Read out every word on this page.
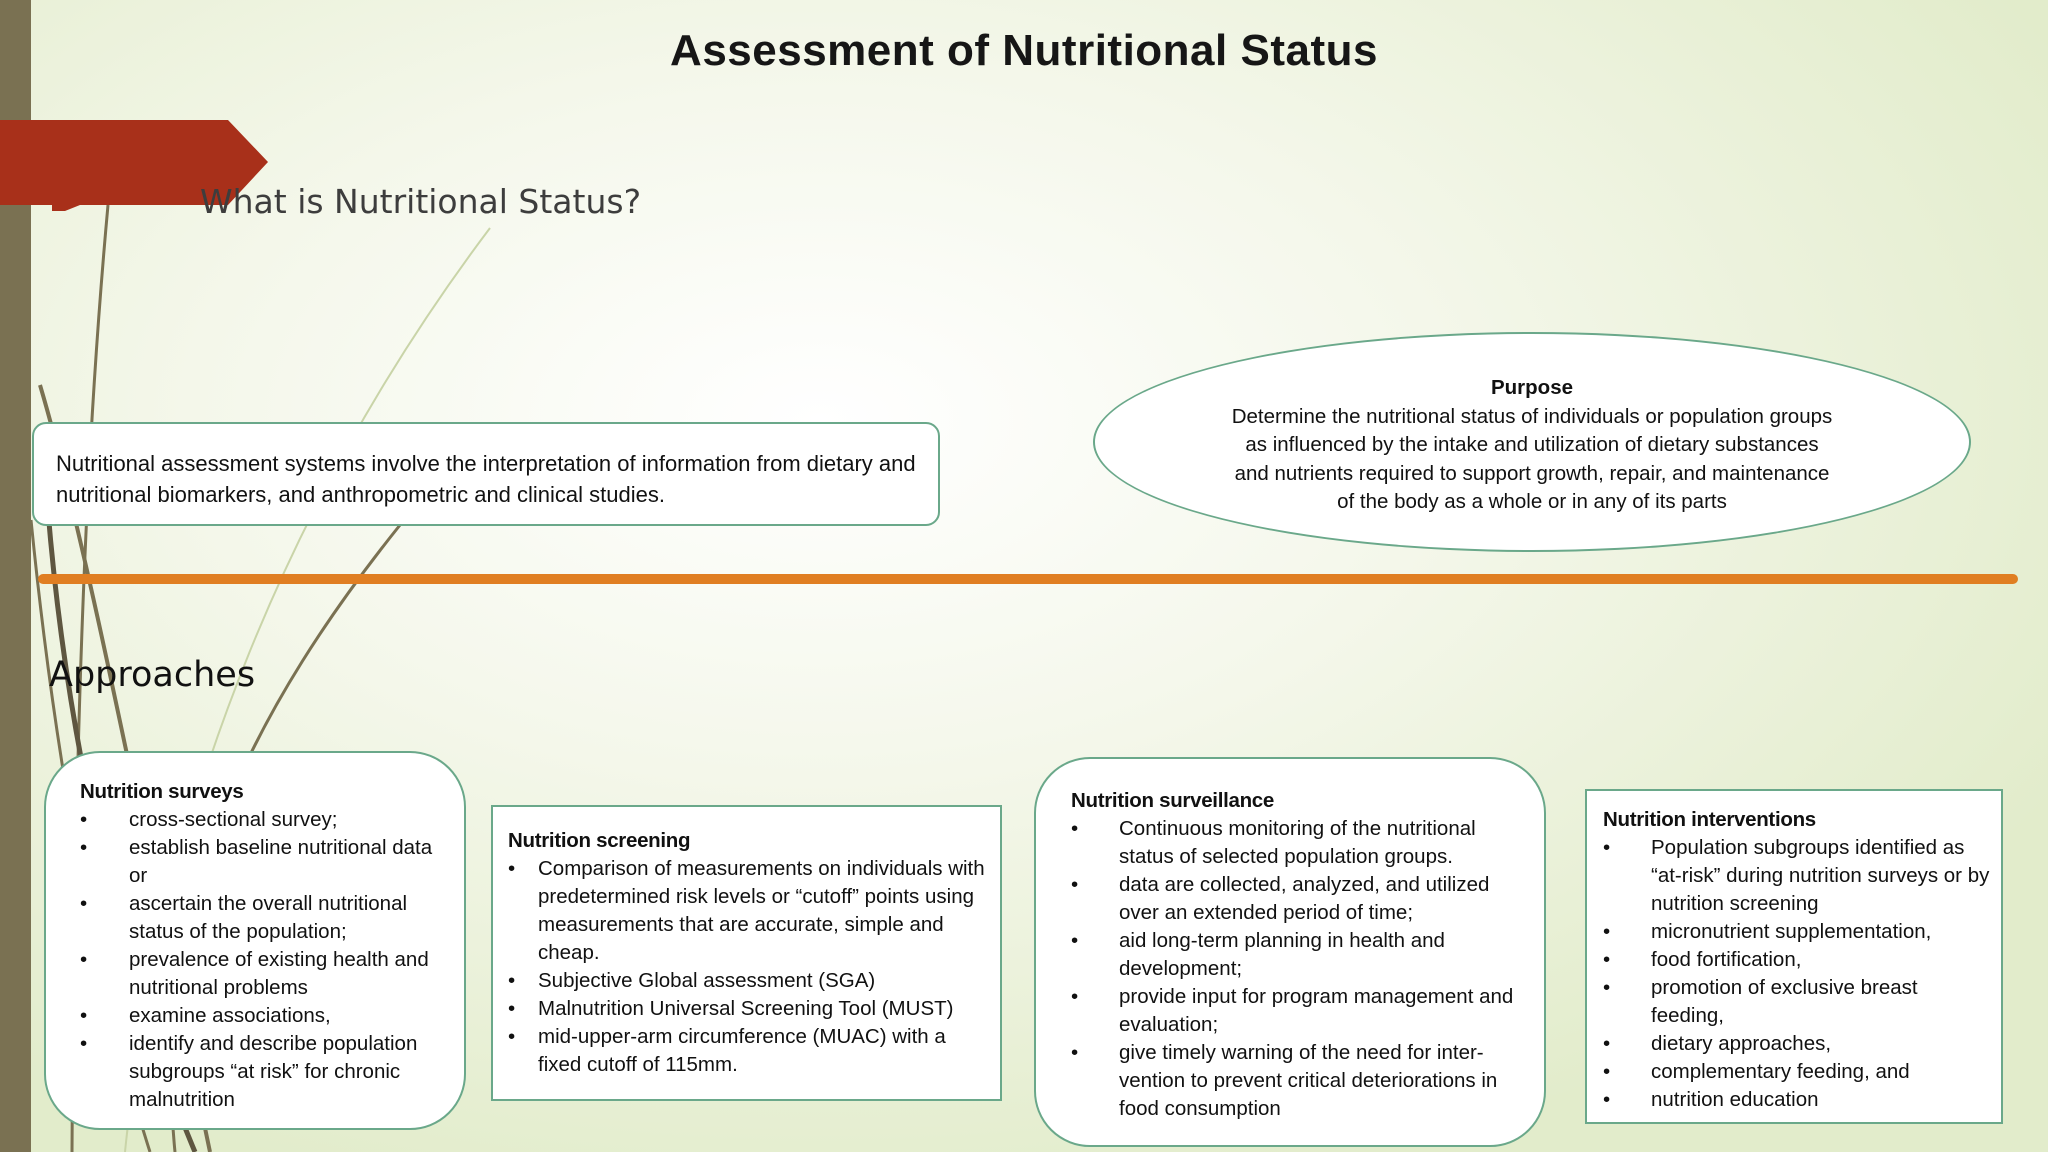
Assessment of Nutritional Status
What is Nutritional Status?
Nutritional assessment systems involve the interpretation of information from dietary and nutritional biomarkers, and anthropometric and clinical studies.
Purpose
Determine the nutritional status of individuals or population groups as influenced by the intake and utilization of dietary substances and nutrients required to support growth, repair, and maintenance of the body as a whole or in any of its parts
Approaches
Nutrition surveys
• cross-sectional survey;
• establish baseline nutritional data or
• ascertain the overall nutritional status of the population;
• prevalence of existing health and nutritional problems
• examine associations,
• identify and describe population subgroups “at risk” for chronic malnutrition
Nutrition screening
• Comparison of measurements on individuals with predetermined risk levels or “cutoff” points using measurements that are accurate, simple and cheap.
• Subjective Global assessment (SGA)
• Malnutrition Universal Screening Tool (MUST)
• mid-upper-arm circumference (MUAC) with a fixed cutoff of 115mm.
Nutrition surveillance
• Continuous monitoring of the nutritional status of selected population groups.
• data are collected, analyzed, and utilized over an extended period of time;
• aid long-term planning in health and development;
• provide input for program management and evaluation;
• give timely warning of the need for inter-vention to prevent critical deteriorations in food consumption
Nutrition interventions
• Population subgroups identified as “at-risk” during nutrition surveys or by nutrition screening
• micronutrient supplementation,
• food fortification,
• promotion of exclusive breast feeding,
• dietary approaches,
• complementary feeding, and
• nutrition education
